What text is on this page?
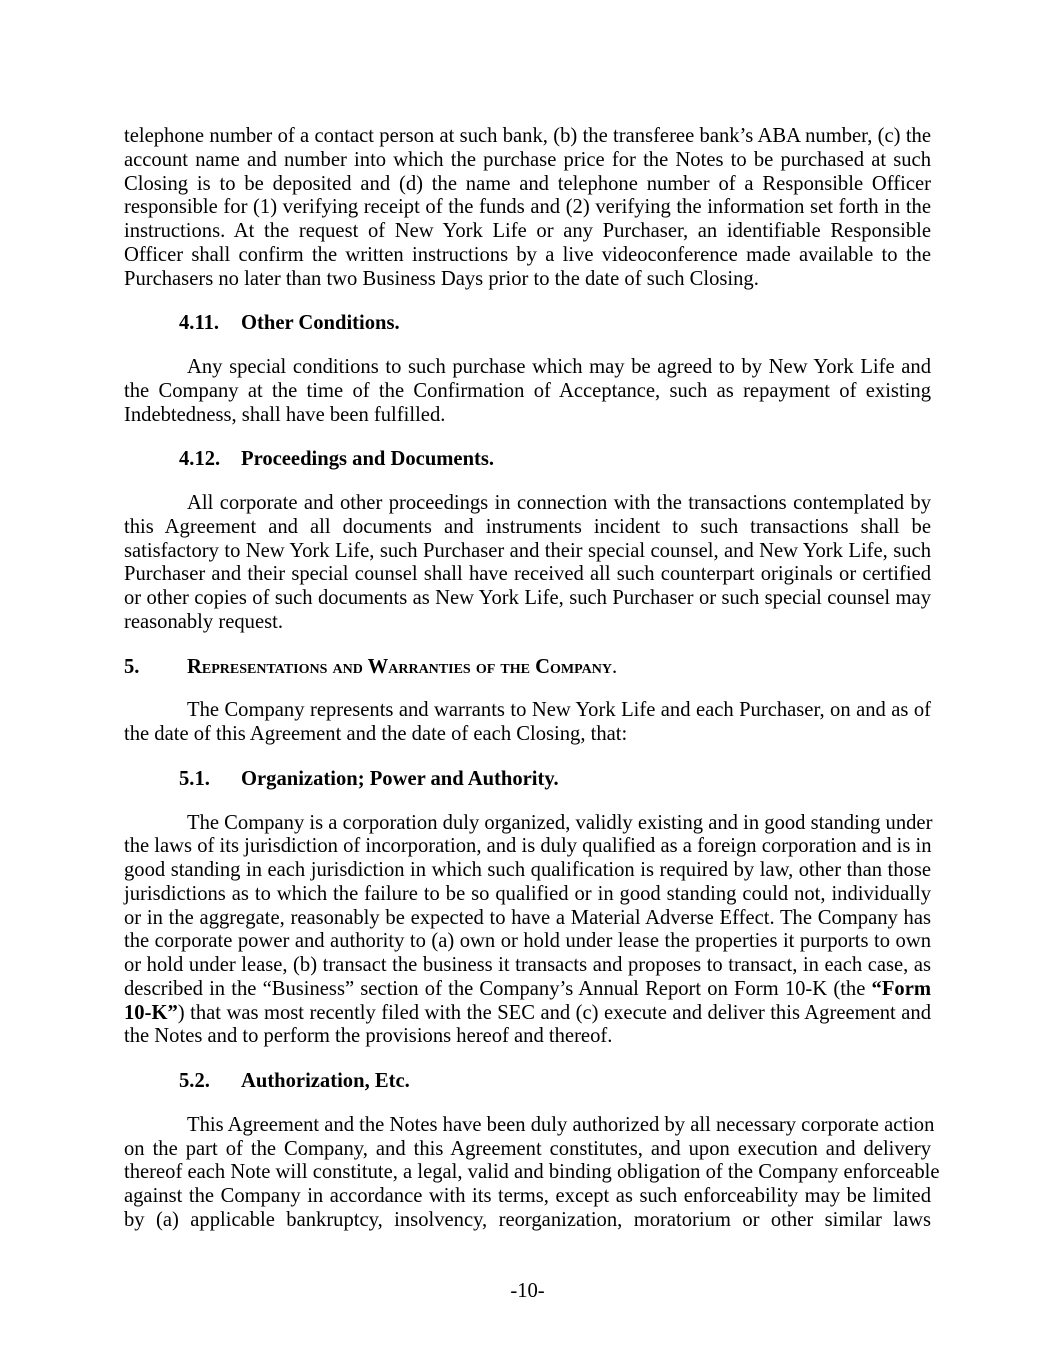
telephone number of a contact person at such bank, (b) the transferee bank’s ABA number, (c) the
account name and number into which the purchase price for the Notes to be purchased at such
Closing is to be deposited and (d) the name and telephone number of a Responsible Officer
responsible for (1) verifying receipt of the funds and (2) verifying the information set forth in the
instructions. At the request of New York Life or any Purchaser, an identifiable Responsible
Officer shall confirm the written instructions by a live videoconference made available to the
Purchasers no later than two Business Days prior to the date of such Closing.
4.11. Other Conditions.
Any special conditions to such purchase which may be agreed to by New York Life and
the Company at the time of the Confirmation of Acceptance, such as repayment of existing
Indebtedness, shall have been fulfilled.
4.12. Proceedings and Documents.
All corporate and other proceedings in connection with the transactions contemplated by
this Agreement and all documents and instruments incident to such transactions shall be
satisfactory to New York Life, such Purchaser and their special counsel, and New York Life, such
Purchaser and their special counsel shall have received all such counterpart originals or certified
or other copies of such documents as New York Life, such Purchaser or such special counsel may
reasonably request.
5. Representations and Warranties of the Company.
The Company represents and warrants to New York Life and each Purchaser, on and as of
the date of this Agreement and the date of each Closing, that:
5.1. Organization; Power and Authority.
The Company is a corporation duly organized, validly existing and in good standing under
the laws of its jurisdiction of incorporation, and is duly qualified as a foreign corporation and is in
good standing in each jurisdiction in which such qualification is required by law, other than those
jurisdictions as to which the failure to be so qualified or in good standing could not, individually
or in the aggregate, reasonably be expected to have a Material Adverse Effect. The Company has
the corporate power and authority to (a) own or hold under lease the properties it purports to own
or hold under lease, (b) transact the business it transacts and proposes to transact, in each case, as
described in the “Business” section of the Company’s Annual Report on Form 10-K (the “Form
10-K”) that was most recently filed with the SEC and (c) execute and deliver this Agreement and
the Notes and to perform the provisions hereof and thereof.
5.2. Authorization, Etc.
This Agreement and the Notes have been duly authorized by all necessary corporate action
on the part of the Company, and this Agreement constitutes, and upon execution and delivery
thereof each Note will constitute, a legal, valid and binding obligation of the Company enforceable
against the Company in accordance with its terms, except as such enforceability may be limited
by (a) applicable bankruptcy, insolvency, reorganization, moratorium or other similar laws
-10-
